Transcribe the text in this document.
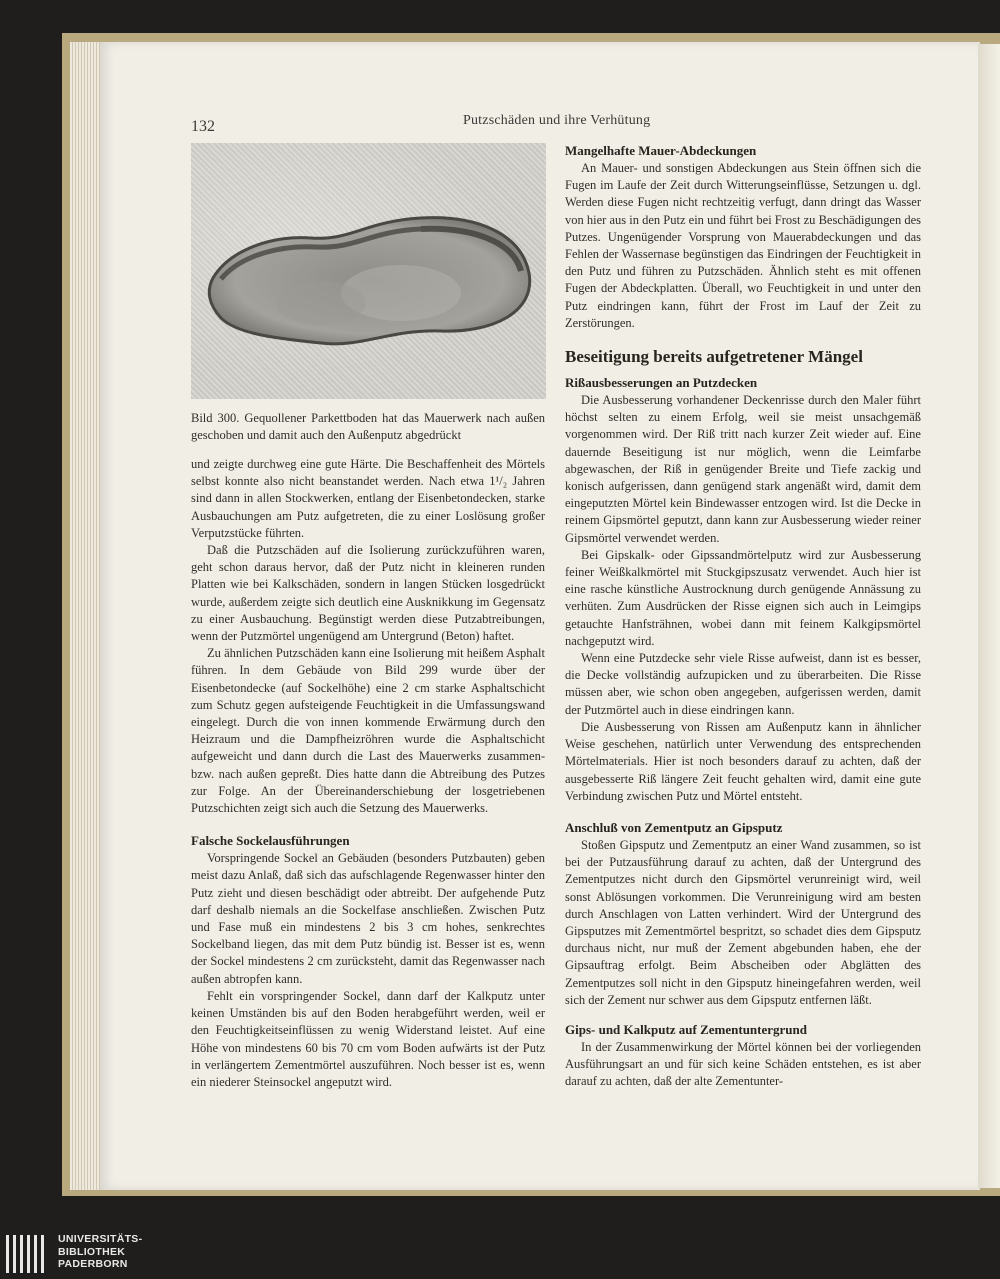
132	Putzschäden und ihre Verhütung
Bild 300. Gequollener Parkettboden hat das Mauerwerk nach außen geschoben und damit auch den Außenputz abgedrückt

und zeigte durchweg eine gute Härte. Die Beschaffenheit des Mörtels selbst konnte also nicht beanstandet werden. Nach etwa 1¹/₂ Jahren sind dann in allen Stockwerken, entlang der Eisenbetondecken, starke Ausbauchungen am Putz aufgetreten, die zu einer Loslösung großer Verputzstücke führten.

Daß die Putzschäden auf die Isolierung zurückzuführen waren, geht schon daraus hervor, daß der Putz nicht in kleineren runden Platten wie bei Kalkschäden, sondern in langen Stücken losgedrückt wurde, außerdem zeigte sich deutlich eine Ausknikkung im Gegensatz zu einer Ausbauchung. Begünstigt werden diese Putzabtreibungen, wenn der Putzmörtel ungenügend am Untergrund (Beton) haftet.

Zu ähnlichen Putzschäden kann eine Isolierung mit heißem Asphalt führen. In dem Gebäude von Bild 299 wurde über der Eisenbetondecke (auf Sockelhöhe) eine 2 cm starke Asphaltschicht zum Schutz gegen aufsteigende Feuchtigkeit in die Umfassungswand eingelegt. Durch die von innen kommende Erwärmung durch den Heizraum und die Dampfheizröhren wurde die Asphaltschicht aufgeweicht und dann durch die Last des Mauerwerks zusammen- bzw. nach außen gepreßt. Dies hatte dann die Abtreibung des Putzes zur Folge. An der Übereinanderschiebung der losgetriebenen Putzschichten zeigt sich auch die Setzung des Mauerwerks.

Falsche Sockelausführungen

Vorspringende Sockel an Gebäuden (besonders Putzbauten) geben meist dazu Anlaß, daß sich das aufschlagende Regenwasser hinter den Putz zieht und diesen beschädigt oder abtreibt. Der aufgehende Putz darf deshalb niemals an die Sockelfase anschließen. Zwischen Putz und Fase muß ein mindestens 2 bis 3 cm hohes, senkrechtes Sockelband liegen, das mit dem Putz bündig ist. Besser ist es, wenn der Sockel mindestens 2 cm zurücksteht, damit das Regenwasser nach außen abtropfen kann.

Fehlt ein vorspringender Sockel, dann darf der Kalkputz unter keinen Umständen bis auf den Boden herabgeführt werden, weil er den Feuchtigkeitseinflüssen zu wenig Widerstand leistet. Auf eine Höhe von mindestens 60 bis 70 cm vom Boden aufwärts ist der Putz in verlängertem Zementmörtel auszuführen. Noch besser ist es, wenn ein niederer Steinsockel angeputzt wird.

Mangelhafte Mauer-Abdeckungen

An Mauer- und sonstigen Abdeckungen aus Stein öffnen sich die Fugen im Laufe der Zeit durch Witterungseinflüsse, Setzungen u. dgl. Werden diese Fugen nicht rechtzeitig verfugt, dann dringt das Wasser von hier aus in den Putz ein und führt bei Frost zu Beschädigungen des Putzes. Ungenügender Vorsprung von Mauerabdeckungen und das Fehlen der Wassernase begünstigen das Eindringen der Feuchtigkeit in den Putz und führen zu Putzschäden. Ähnlich steht es mit offenen Fugen der Abdeckplatten. Überall, wo Feuchtigkeit in und unter den Putz eindringen kann, führt der Frost im Lauf der Zeit zu Zerstörungen.

Beseitigung bereits aufgetretener Mängel
Rißausbesserungen an Putzdecken

Die Ausbesserung vorhandener Deckenrisse durch den Maler führt höchst selten zu einem Erfolg, weil sie meist unsachgemäß vorgenommen wird. Der Riß tritt nach kurzer Zeit wieder auf. Eine dauernde Beseitigung ist nur möglich, wenn die Leimfarbe abgewaschen, der Riß in genügender Breite und Tiefe zackig und konisch aufgerissen, dann genügend stark angenäßt wird, damit dem eingeputzten Mörtel kein Bindewasser entzogen wird. Ist die Decke in reinem Gipsmörtel geputzt, dann kann zur Ausbesserung wieder reiner Gipsmörtel verwendet werden.

Bei Gipskalk- oder Gipssandmörtelputz wird zur Ausbesserung feiner Weißkalkmörtel mit Stuckgipszusatz verwendet. Auch hier ist eine rasche künstliche Austrocknung durch genügende Annässung zu verhüten. Zum Ausdrücken der Risse eignen sich auch in Leimgips getauchte Hanfsträhnen, wobei dann mit feinem Kalkgipsmörtel nachgeputzt wird.

Wenn eine Putzdecke sehr viele Risse aufweist, dann ist es besser, die Decke vollständig aufzupicken und zu überarbeiten. Die Risse müssen aber, wie schon oben angegeben, aufgerissen werden, damit der Putzmörtel auch in diese eindringen kann.

Die Ausbesserung von Rissen am Außenputz kann in ähnlicher Weise geschehen, natürlich unter Verwendung des entsprechenden Mörtelmaterials. Hier ist noch besonders darauf zu achten, daß der ausgebesserte Riß längere Zeit feucht gehalten wird, damit eine gute Verbindung zwischen Putz und Mörtel entsteht.

Anschluß von Zementputz an Gipsputz

Stoßen Gipsputz und Zementputz an einer Wand zusammen, so ist bei der Putzausführung darauf zu achten, daß der Untergrund des Zementputzes nicht durch den Gipsmörtel verunreinigt wird, weil sonst Ablösungen vorkommen. Die Verunreinigung wird am besten durch Anschlagen von Latten verhindert. Wird der Untergrund des Gipsputzes mit Zementmörtel bespritzt, so schadet dies dem Gipsputz durchaus nicht, nur muß der Zement abgebunden haben, ehe der Gipsauftrag erfolgt. Beim Abscheiben oder Abglätten des Zementputzes soll nicht in den Gipsputz hineingefahren werden, weil sich der Zement nur schwer aus dem Gipsputz entfernen läßt.

Gips- und Kalkputz auf Zementuntergrund

In der Zusammenwirkung der Mörtel können bei der vorliegenden Ausführungsart an und für sich keine Schäden entstehen, es ist aber darauf zu achten, daß der alte Zementunter-

UNIVERSITÄTS-
BIBLIOTHEK
PADERBORN
